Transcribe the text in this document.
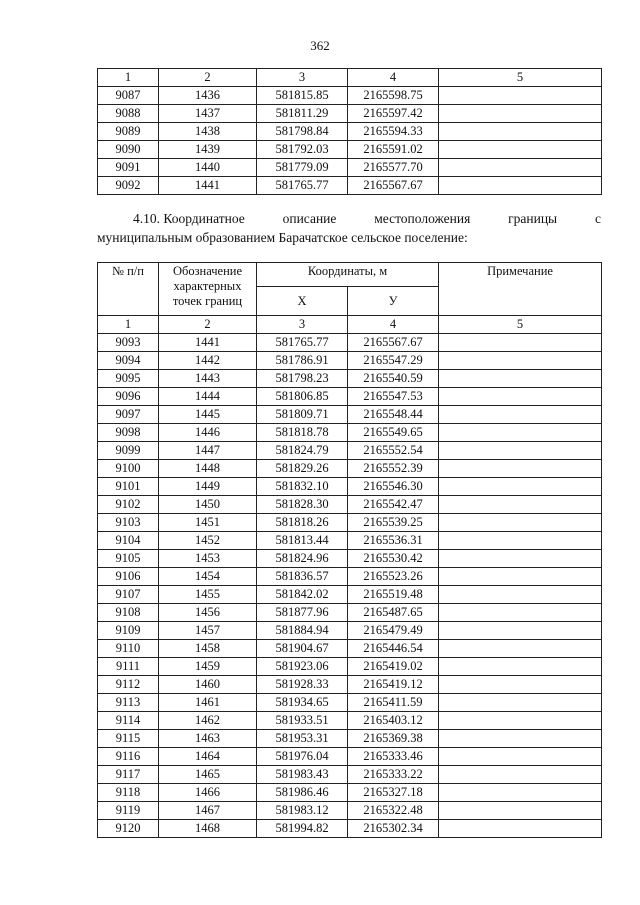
362
1	2	3	4	5
9087	1436	581815.85	2165598.75	
9088	1437	581811.29	2165597.42	
9089	1438	581798.84	2165594.33	
9090	1439	581792.03	2165591.02	
9091	1440	581779.09	2165577.70	
9092	1441	581765.77	2165567.67	
4.10. Координатное	описание	местоположения	границы	с
муниципальным образованием Барачатское сельское поселение:
№ п/п	Обозначение характерных точек границ	Координаты, м		Примечание
		Х	У	
1	2	3	4	5
9093	1441	581765.77	2165567.67	
9094	1442	581786.91	2165547.29	
9095	1443	581798.23	2165540.59	
9096	1444	581806.85	2165547.53	
9097	1445	581809.71	2165548.44	
9098	1446	581818.78	2165549.65	
9099	1447	581824.79	2165552.54	
9100	1448	581829.26	2165552.39	
9101	1449	581832.10	2165546.30	
9102	1450	581828.30	2165542.47	
9103	1451	581818.26	2165539.25	
9104	1452	581813.44	2165536.31	
9105	1453	581824.96	2165530.42	
9106	1454	581836.57	2165523.26	
9107	1455	581842.02	2165519.48	
9108	1456	581877.96	2165487.65	
9109	1457	581884.94	2165479.49	
9110	1458	581904.67	2165446.54	
9111	1459	581923.06	2165419.02	
9112	1460	581928.33	2165419.12	
9113	1461	581934.65	2165411.59	
9114	1462	581933.51	2165403.12	
9115	1463	581953.31	2165369.38	
9116	1464	581976.04	2165333.46	
9117	1465	581983.43	2165333.22	
9118	1466	581986.46	2165327.18	
9119	1467	581983.12	2165322.48	
9120	1468	581994.82	2165302.34	
